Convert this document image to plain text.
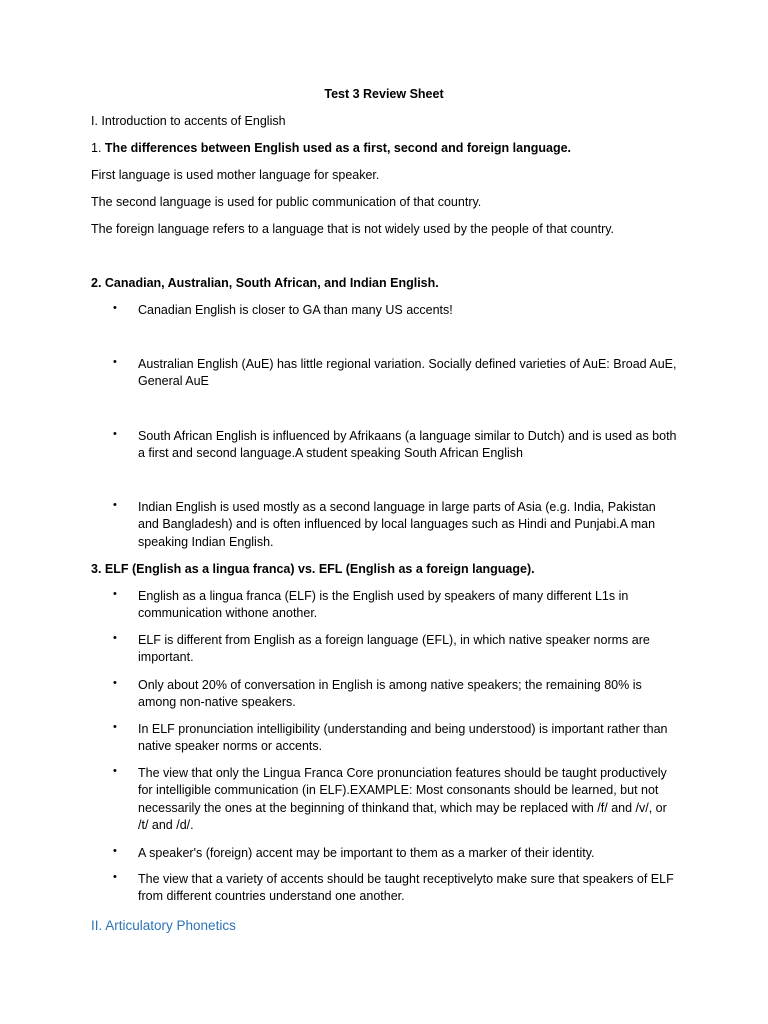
Test 3 Review Sheet
I. Introduction to accents of English
1. The differences between English used as a first, second and foreign language.
First language is used mother language for speaker.
The second language is used for public communication of that country.
The foreign language refers to a language that is not widely used by the people of that country.
2. Canadian, Australian, South African, and Indian English.
• Canadian English is closer to GA than many US accents!
• Australian English (AuE) has little regional variation. Socially defined varieties of AuE: Broad AuE, General AuE
• South African English is influenced by Afrikaans (a language similar to Dutch) and is used as both a first and second language.A student speaking South African English
• Indian English is used mostly as a second language in large parts of Asia (e.g. India, Pakistan and Bangladesh) and is often influenced by local languages such as Hindi and Punjabi.A man speaking Indian English.
3. ELF (English as a lingua franca) vs. EFL (English as a foreign language).
• English as a lingua franca (ELF) is the English used by speakers of many different L1s in communication withone another.
• ELF is different from English as a foreign language (EFL), in which native speaker norms are important.
• Only about 20% of conversation in English is among native speakers; the remaining 80% is among non-native speakers.
• In ELF pronunciation intelligibility (understanding and being understood) is important rather than native speaker norms or accents.
• The view that only the Lingua Franca Core pronunciation features should be taught productively for intelligible communication (in ELF).EXAMPLE: Most consonants should be learned, but not necessarily the ones at the beginning of thinkand that, which may be replaced with /f/ and /v/, or /t/ and /d/.
• A speaker's (foreign) accent may be important to them as a marker of their identity.
• The view that a variety of accents should be taught receptivelyto make sure that speakers of ELF from different countries understand one another.
II. Articulatory Phonetics
